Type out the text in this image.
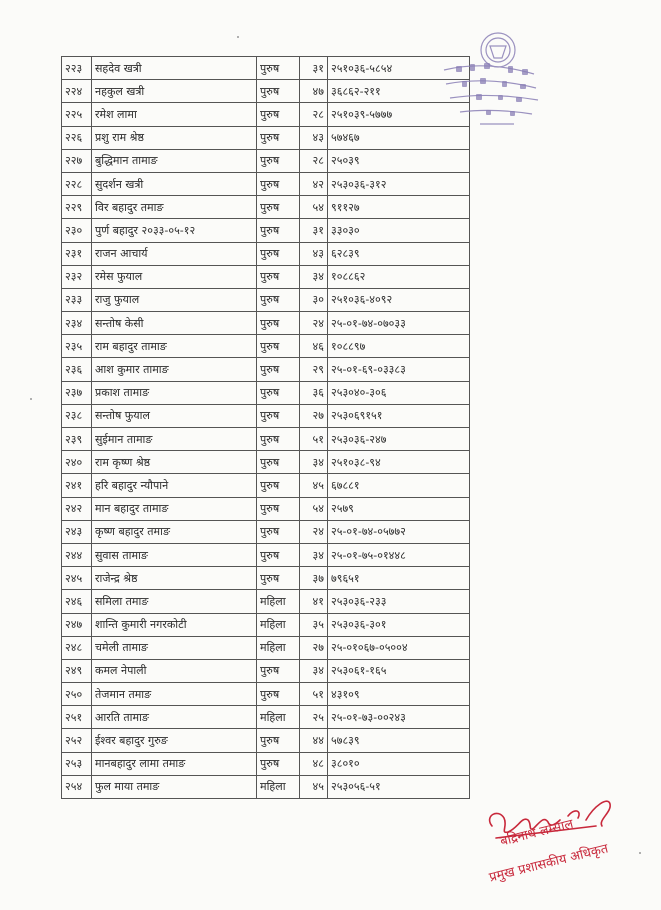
२२३	सहदेव खत्री	पुरुष	३१	२५१०३६-५८५४
२२४	नहकुल खत्री	पुरुष	४७	३६८६२-२११
२२५	रमेश लामा	पुरुष	२८	२५१०३९-५७७७
२२६	प्रशु राम श्रेष्ठ	पुरुष	४३	५७४६७
२२७	बुद्धिमान तामाङ	पुरुष	२८	२५०३९
२२८	सुदर्शन खत्री	पुरुष	४२	२५३०३६-३१२
२२९	विर बहादुर तमाङ	पुरुष	५४	९११२७
२३०	पुर्ण बहादुर २०३३-०५-१२	पुरुष	३१	३३०३०
२३१	राजन आचार्य	पुरुष	४३	६२८३९
२३२	रमेस फुयाल	पुरुष	३४	१०८८६२
२३३	राजु फुयाल	पुरुष	३०	२५१०३६-४०९२
२३४	सन्तोष केसी	पुरुष	२४	२५-०१-७४-०७०३३
२३५	राम बहादुर तामाङ	पुरुष	४६	१०८८९७
२३६	आश कुमार तामाङ	पुरुष	२९	२५-०१-६९-०३३८३
२३७	प्रकाश तामाङ	पुरुष	३६	२५३०४०-३०६
२३८	सन्तोष फुयाल	पुरुष	२७	२५३०६९१५१
२३९	सुईमान तामाङ	पुरुष	५१	२५३०३६-२४७
२४०	राम कृष्ण श्रेष्ठ	पुरुष	३४	२५१०३८-९४
२४१	हरि बहादुर न्यौपाने	पुरुष	४५	६७८८१
२४२	मान बहादुर तामाङ	पुरुष	५४	२५७९
२४३	कृष्ण बहादुर तमाङ	पुरुष	२४	२५-०१-७४-०५७७२
२४४	सुवास तामाङ	पुरुष	३४	२५-०१-७५-०१४४८
२४५	राजेन्द्र श्रेष्ठ	पुरुष	३७	७९६५१
२४६	समिला तमाङ	महिला	४१	२५३०३६-२३३
२४७	शान्ति कुमारी नगरकोटी	महिला	३५	२५३०३६-३०१
२४८	चमेली तामाङ	महिला	२७	२५-०१०६७-०५००४
२४९	कमल नेपाली	पुरुष	३४	२५३०६१-१६५
२५०	तेजमान तमाङ	पुरुष	५१	४३१०९
२५१	आरति तामाङ	महिला	२५	२५-०१-७३-००२४३
२५२	ईश्वर बहादुर गुरुङ	पुरुष	४४	५७८३९
२५३	मानबहादुर लामा तमाङ	पुरुष	४८	३८०१०
२५४	फुल माया तमाङ	महिला	४५	२५३०५६-५१
बद्रिनाथ लम्साल
प्रमुख प्रशासकीय अधिकृत
